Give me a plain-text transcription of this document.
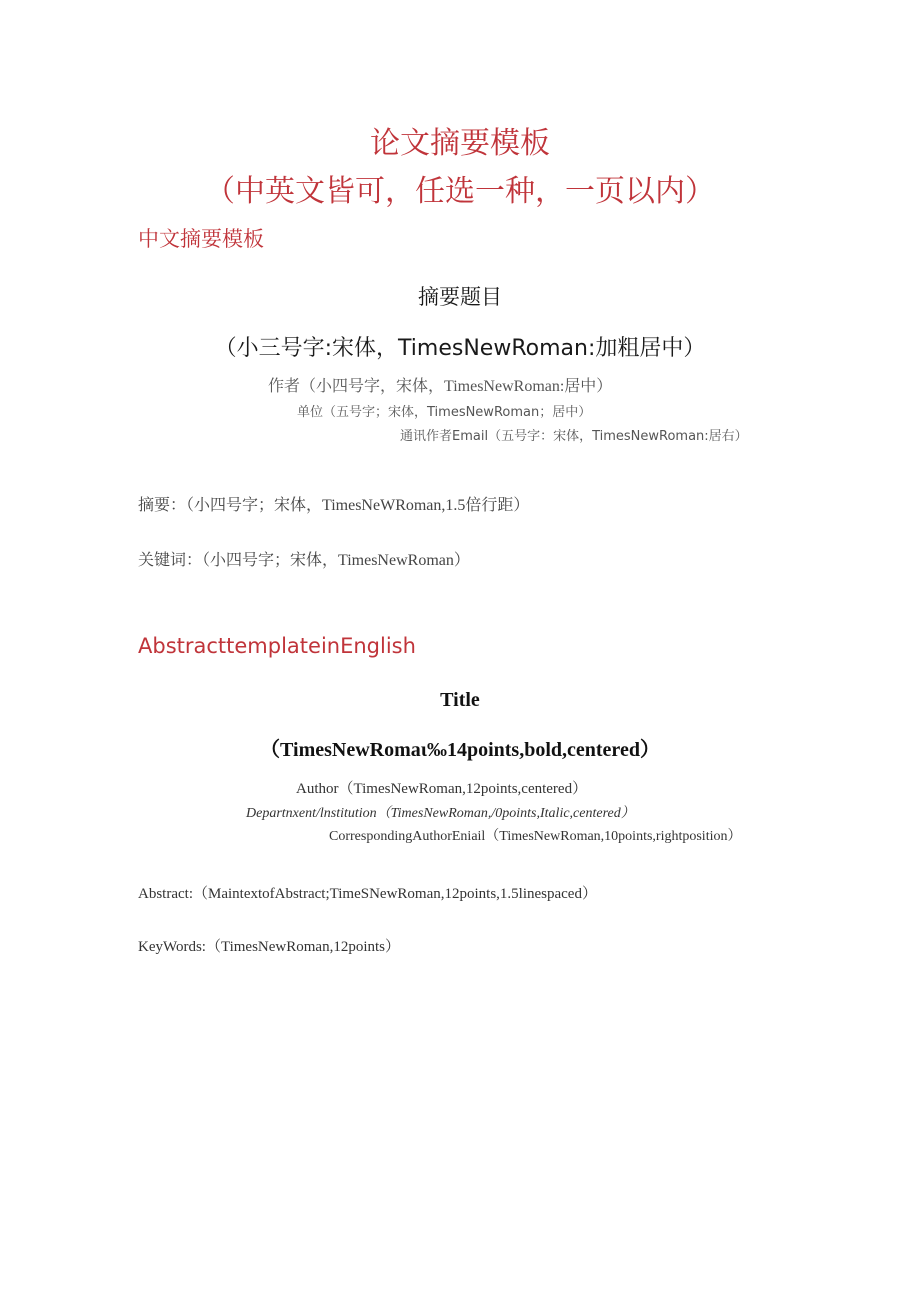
论文摘要模板

（中英文皆可，任选一种，一页以内）

中文摘要模板

摘要题目

（小三号字:宋体，TimesNewRoman:加粗居中）

作者（小四号字，宋体，TimesNewRoman:居中）

单位（五号字；宋体，TimesNewRoman；居中）

通讯作者Email（五号字：宋体，TimesNewRoman:居右）

摘要：（小四号字；宋体，TimesNeWRoman,1.5倍行距）

关键词：（小四号字；宋体，TimesNewRoman）

AbstracttemplateinEnglish

Title

（TimesNewRomaι‰14points,bold,centered）

Author（TimesNewRoman,12points,centered）

Departnxent/lnstitution（TimesNewRoman,/0points,Italic,centered）

CorrespondingAuthorEniail（TimesNewRoman,10points,rightposition）

Abstract:（MaintextofAbstract;TimeSNewRoman,12points,1.5linespaced）

KeyWords:（TimesNewRoman,12points）
